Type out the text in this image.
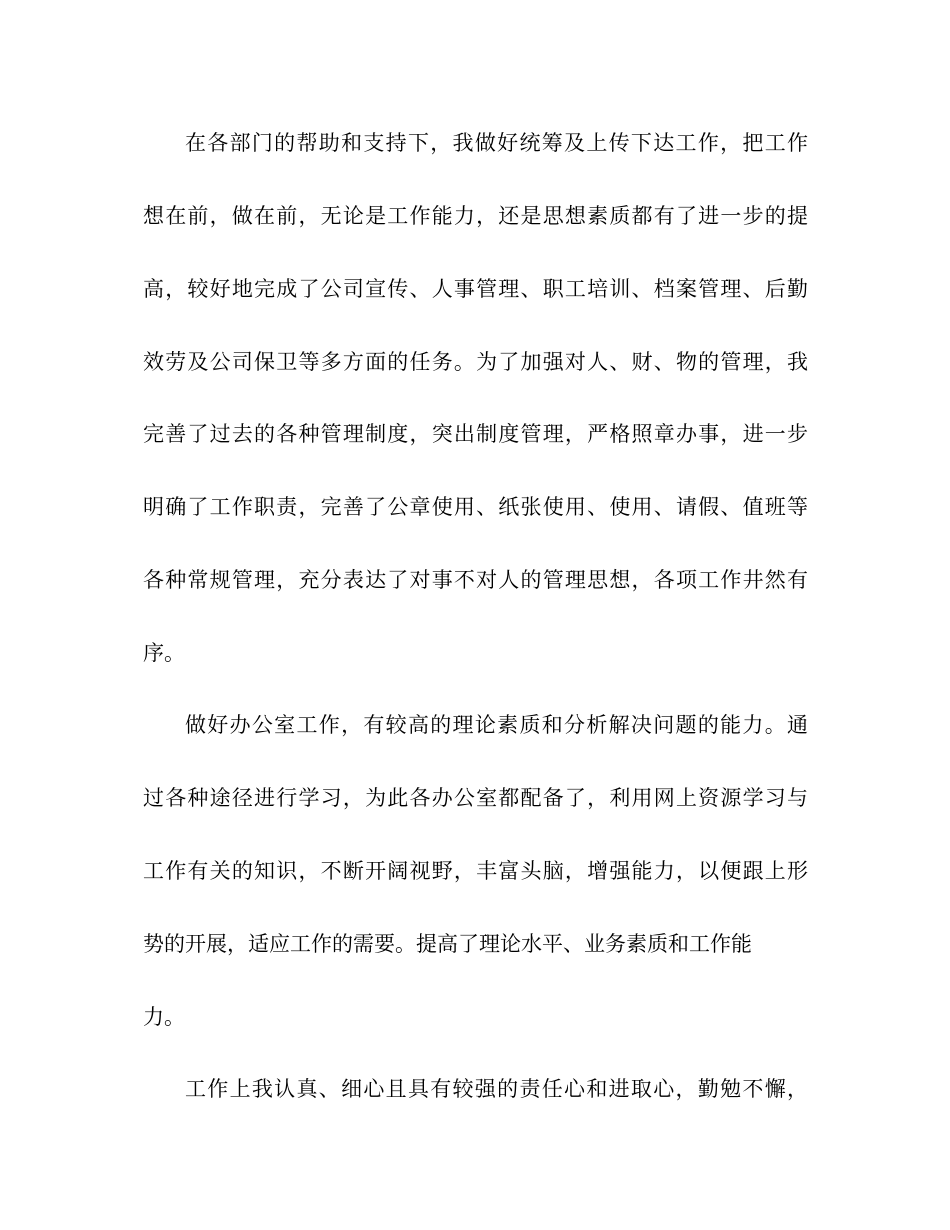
在各部门的帮助和支持下，我做好统筹及上传下达工作，把工作
想在前，做在前，无论是工作能力，还是思想素质都有了进一步的提
高，较好地完成了公司宣传、人事管理、职工培训、档案管理、后勤
效劳及公司保卫等多方面的任务。为了加强对人、财、物的管理，我
完善了过去的各种管理制度，突出制度管理，严格照章办事，进一步
明确了工作职责，完善了公章使用、纸张使用、使用、请假、值班等
各种常规管理，充分表达了对事不对人的管理思想，各项工作井然有
序。
做好办公室工作，有较高的理论素质和分析解决问题的能力。通
过各种途径进行学习，为此各办公室都配备了，利用网上资源学习与
工作有关的知识，不断开阔视野，丰富头脑，增强能力，以便跟上形
势的开展，适应工作的需要。提高了理论水平、业务素质和工作能
力。
工作上我认真、细心且具有较强的责任心和进取心，勤勉不懈，
